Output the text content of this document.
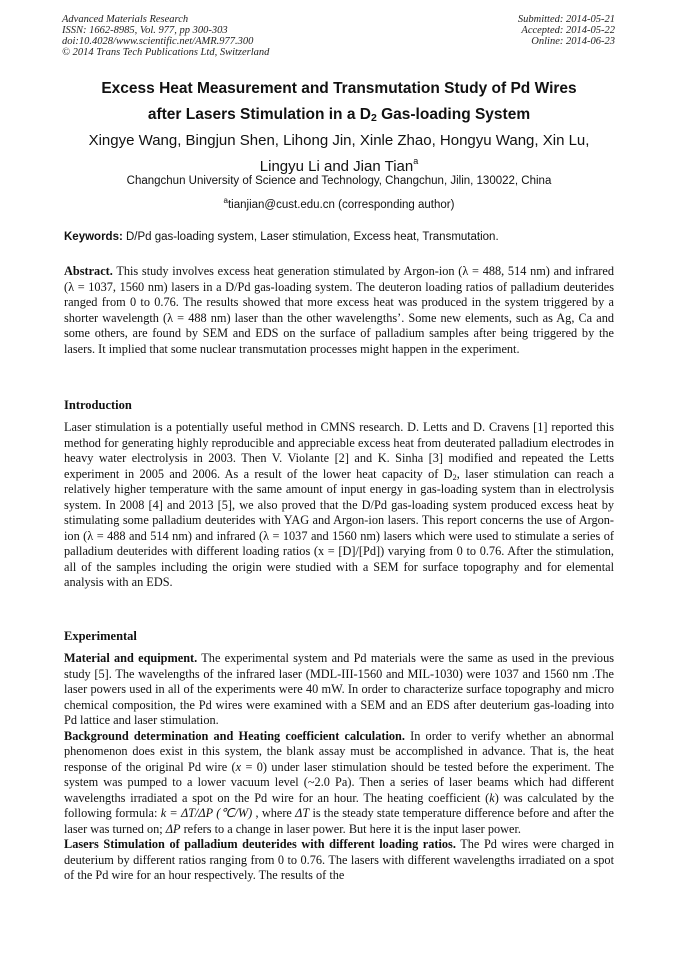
Advanced Materials Research
ISSN: 1662-8985, Vol. 977, pp 300-303
doi:10.4028/www.scientific.net/AMR.977.300
© 2014 Trans Tech Publications Ltd, Switzerland
Submitted: 2014-05-21
Accepted: 2014-05-22
Online: 2014-06-23
Excess Heat Measurement and Transmutation Study of Pd Wires
after Lasers Stimulation in a $D_2$ Gas-loading System
Xingye Wang, Bingjun Shen, Lihong Jin, Xinle Zhao, Hongyu Wang, Xin Lu,
Lingyu Li and Jian Tian$^a$
Changchun University of Science and Technology, Changchun, Jilin, 130022, China
$^a$tianjian@cust.edu.cn (corresponding author)
Keywords: D/Pd gas-loading system, Laser stimulation, Excess heat, Transmutation.

Abstract. This study involves excess heat generation stimulated by Argon-ion (λ = 488, 514 nm) and infrared (λ = 1037, 1560 nm) lasers in a D/Pd gas-loading system. The deuteron loading ratios of palladium deuterides ranged from 0 to 0.76. The results showed that more excess heat was produced in the system triggered by a shorter wavelength (λ = 488 nm) laser than the other wavelengths’. Some new elements, such as Ag, Ca and some others, are found by SEM and EDS on the surface of palladium samples after being triggered by the lasers. It implied that some nuclear transmutation processes might happen in the experiment.

Introduction

Laser stimulation is a potentially useful method in CMNS research. D. Letts and D. Cravens [1] reported this method for generating highly reproducible and appreciable excess heat from deuterated palladium electrodes in heavy water electrolysis in 2003. Then V. Violante [2] and K. Sinha [3] modified and repeated the Letts experiment in 2005 and 2006. As a result of the lower heat capacity of $D_2$, laser stimulation can reach a relatively higher temperature with the same amount of input energy in gas-loading system than in electrolysis system. In 2008 [4] and 2013 [5], we also proved that the D/Pd gas-loading system produced excess heat by stimulating some palladium deuterides with YAG and Argon-ion lasers. This report concerns the use of Argon-ion (λ = 488 and 514 nm) and infrared (λ = 1037 and 1560 nm) lasers which were used to stimulate a series of palladium deuterides with different loading ratios (x = [D]/[Pd]) varying from 0 to 0.76. After the stimulation, all of the samples including the origin were studied with a SEM for surface topography and for elemental analysis with an EDS.

Experimental

Material and equipment. The experimental system and Pd materials were the same as used in the previous study [5]. The wavelengths of the infrared laser (MDL-III-1560 and MIL-1030) were 1037 and 1560 nm .The laser powers used in all of the experiments were 40 mW. In order to characterize surface topography and micro chemical composition, the Pd wires were examined with a SEM and an EDS after deuterium gas-loading into Pd lattice and laser stimulation.
Background determination and Heating coefficient calculation. In order to verify whether an abnormal phenomenon does exist in this system, the blank assay must be accomplished in advance. That is, the heat response of the original Pd wire (x = 0) under laser stimulation should be tested before the experiment. The system was pumped to a lower vacuum level (~2.0 Pa). Then a series of laser beams which had different wavelengths irradiated a spot on the Pd wire for an hour. The heating coefficient (k) was calculated by the following formula: k = ΔT/ΔP (℃/W) , where ΔT is the steady state temperature difference before and after the laser was turned on; ΔP refers to a change in laser power. But here it is the input laser power.
Lasers Stimulation of palladium deuterides with different loading ratios. The Pd wires were charged in deuterium by different ratios ranging from 0 to 0.76. The lasers with different wavelengths irradiated on a spot of the Pd wire for an hour respectively. The results of the
